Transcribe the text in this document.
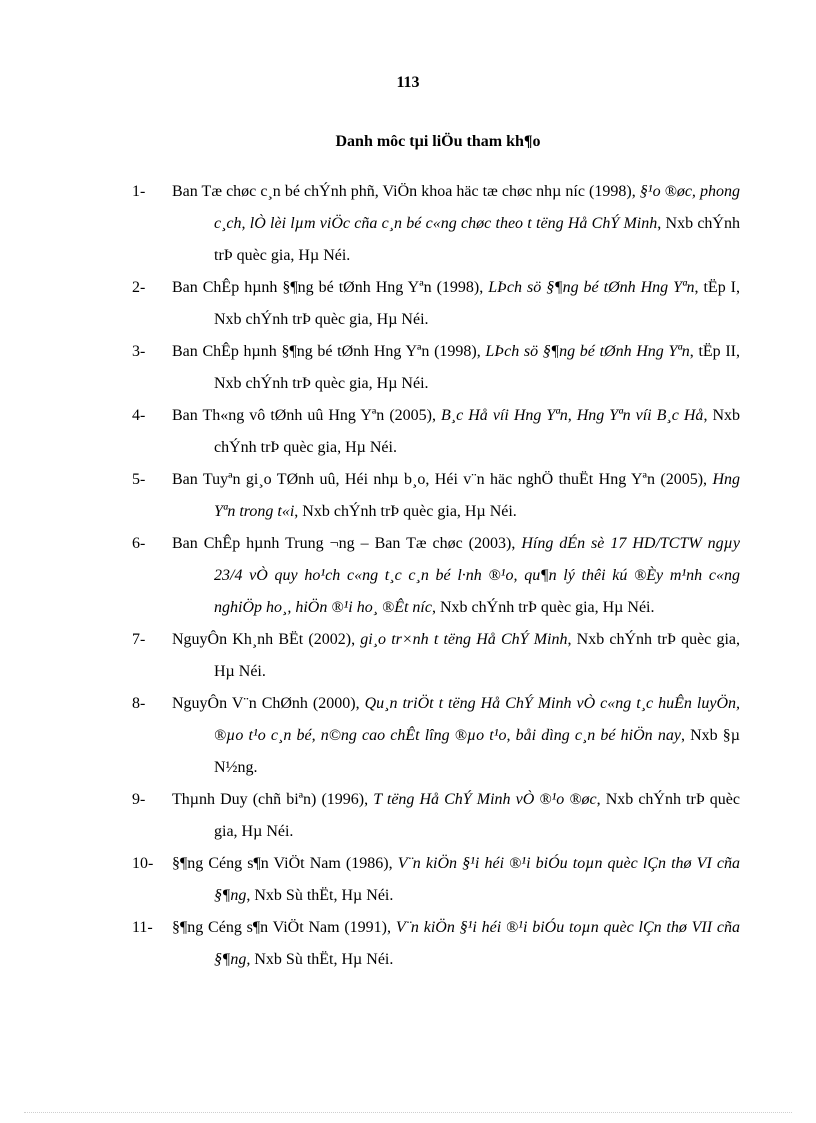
113
Danh môc tµi liÖu tham kh¶o
1- Ban Tæ chøc c¸n bé chÝnh phñ, ViÖn khoa häc tæ chøc nhµ níc (1998), §¹o ®øc, phong c¸ch, lÒ lèi lµm viÖc cña c¸n bé c«ng chøc theo t tëng Hå ChÝ Minh, Nxb chÝnh trÞ quèc gia, Hµ Néi.
2- Ban ChÊp hµnh §¶ng bé tØnh Hng Yªn (1998), LÞch sö §¶ng bé tØnh Hng Yªn, tËp I, Nxb chÝnh trÞ quèc gia, Hµ Néi.
3- Ban ChÊp hµnh §¶ng bé tØnh Hng Yªn (1998), LÞch sö §¶ng bé tØnh Hng Yªn, tËp II, Nxb chÝnh trÞ quèc gia, Hµ Néi.
4- Ban Th«ng vô tØnh uû Hng Yªn (2005), B¸c Hå víi Hng Yªn, Hng Yªn víi B¸c Hå, Nxb chÝnh trÞ quèc gia, Hµ Néi.
5- Ban Tuyªn gi¸o TØnh uû, Héi nhµ b¸o, Héi v¨n häc nghÖ thuËt Hng Yªn (2005), Hng Yªn trong t«i, Nxb chÝnh trÞ quèc gia, Hµ Néi.
6- Ban ChÊp hµnh Trung ¬ng – Ban Tæ chøc (2003), Híng dÉn sè 17 HD/TCTW ngµy 23/4 vÒ quy ho¹ch c«ng t¸c c¸n bé l·nh ®¹o, qu¶n lý thêi kú ®Èy m¹nh c«ng nghiÖp ho¸, hiÖn ®¹i ho¸ ®Êt níc, Nxb chÝnh trÞ quèc gia, Hµ Néi.
7- NguyÔn Kh¸nh BËt (2002), gi¸o tr×nh t tëng Hå ChÝ Minh, Nxb chÝnh trÞ quèc gia, Hµ Néi.
8- NguyÔn V¨n ChØnh (2000), Qu¸n triÖt t tëng Hå ChÝ Minh vÒ c«ng t¸c huÊn luyÖn, ®µo t¹o c¸n bé, n©ng cao chÊt lîng ®µo t¹o, båi dìng c¸n bé hiÖn nay, Nxb §µ N½ng.
9- Thµnh Duy (chñ biªn) (1996), T tëng Hå ChÝ Minh vÒ ®¹o ®øc, Nxb chÝnh trÞ quèc gia, Hµ Néi.
10- §¶ng Céng s¶n ViÖt Nam (1986), V¨n kiÖn §¹i héi ®¹i biÓu toµn quèc lÇn thø VI cña §¶ng, Nxb Sù thËt, Hµ Néi.
11- §¶ng Céng s¶n ViÖt Nam (1991), V¨n kiÖn §¹i héi ®¹i biÓu toµn quèc lÇn thø VII cña §¶ng, Nxb Sù thËt, Hµ Néi.
